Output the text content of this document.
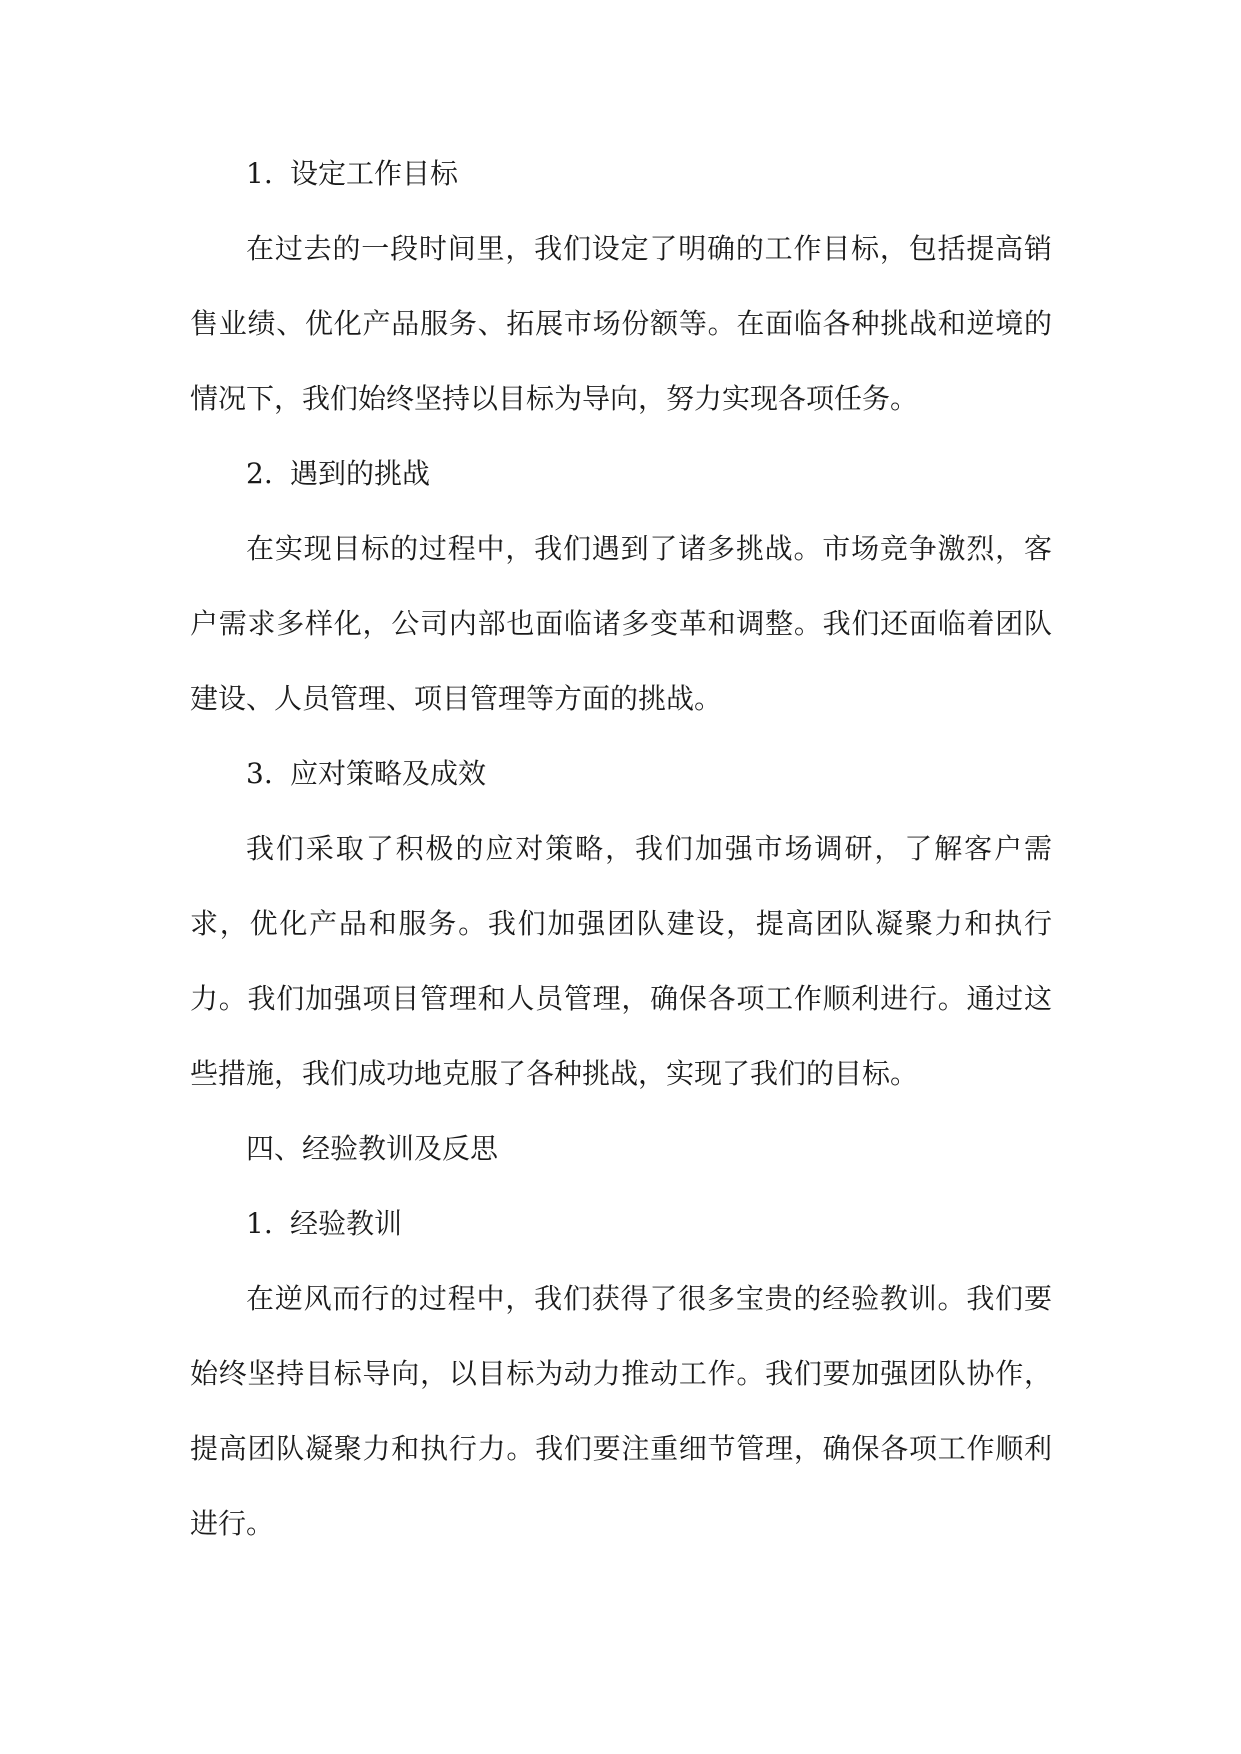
1. 设定工作目标

在过去的一段时间里，我们设定了明确的工作目标，包括提高销售业绩、优化产品服务、拓展市场份额等。在面临各种挑战和逆境的情况下，我们始终坚持以目标为导向，努力实现各项任务。

2. 遇到的挑战

在实现目标的过程中，我们遇到了诸多挑战。市场竞争激烈，客户需求多样化，公司内部也面临诸多变革和调整。我们还面临着团队建设、人员管理、项目管理等方面的挑战。

3. 应对策略及成效

我们采取了积极的应对策略，我们加强市场调研，了解客户需求，优化产品和服务。我们加强团队建设，提高团队凝聚力和执行力。我们加强项目管理和人员管理，确保各项工作顺利进行。通过这些措施，我们成功地克服了各种挑战，实现了我们的目标。

四、经验教训及反思
1. 经验教训

在逆风而行的过程中，我们获得了很多宝贵的经验教训。我们要始终坚持目标导向，以目标为动力推动工作。我们要加强团队协作，提高团队凝聚力和执行力。我们要注重细节管理，确保各项工作顺利进行。
